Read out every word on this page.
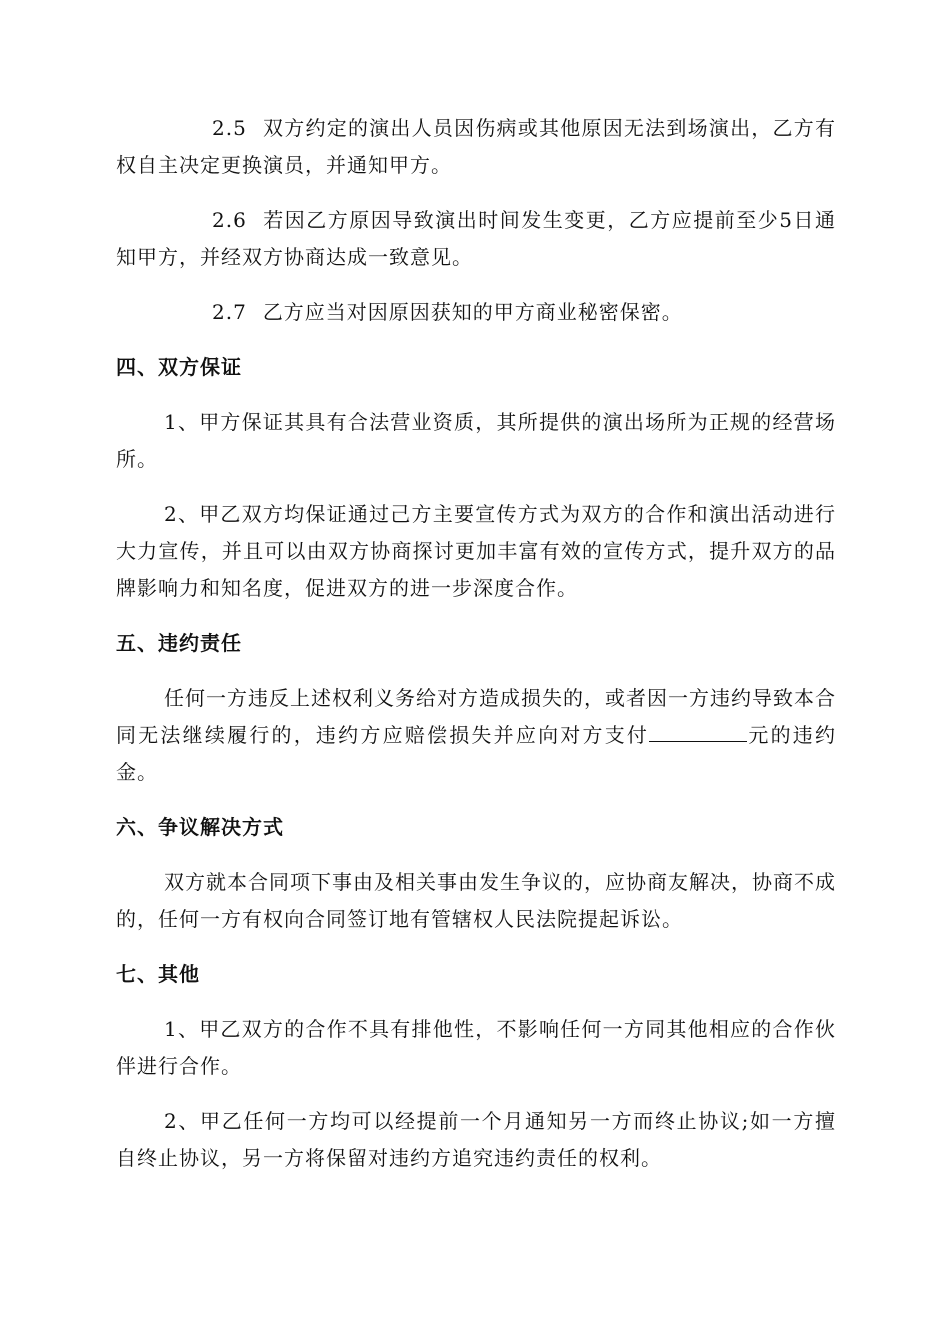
2.5 双方约定的演出人员因伤病或其他原因无法到场演出，乙方有权自主决定更换演员，并通知甲方。

2.6 若因乙方原因导致演出时间发生变更，乙方应提前至少5日通知甲方，并经双方协商达成一致意见。

2.7 乙方应当对因原因获知的甲方商业秘密保密。

四、双方保证

1、甲方保证其具有合法营业资质，其所提供的演出场所为正规的经营场所。

2、甲乙双方均保证通过己方主要宣传方式为双方的合作和演出活动进行大力宣传，并且可以由双方协商探讨更加丰富有效的宣传方式，提升双方的品牌影响力和知名度，促进双方的进一步深度合作。

五、违约责任

任何一方违反上述权利义务给对方造成损失的，或者因一方违约导致本合同无法继续履行的，违约方应赔偿损失并应向对方支付	元的违约金。

六、争议解决方式

双方就本合同项下事由及相关事由发生争议的，应协商友解决，协商不成的，任何一方有权向合同签订地有管辖权人民法院提起诉讼。

七、其他

1、甲乙双方的合作不具有排他性，不影响任何一方同其他相应的合作伙伴进行合作。

2、甲乙任何一方均可以经提前一个月通知另一方而终止协议;如一方擅自终止协议，另一方将保留对违约方追究违约责任的权利。
